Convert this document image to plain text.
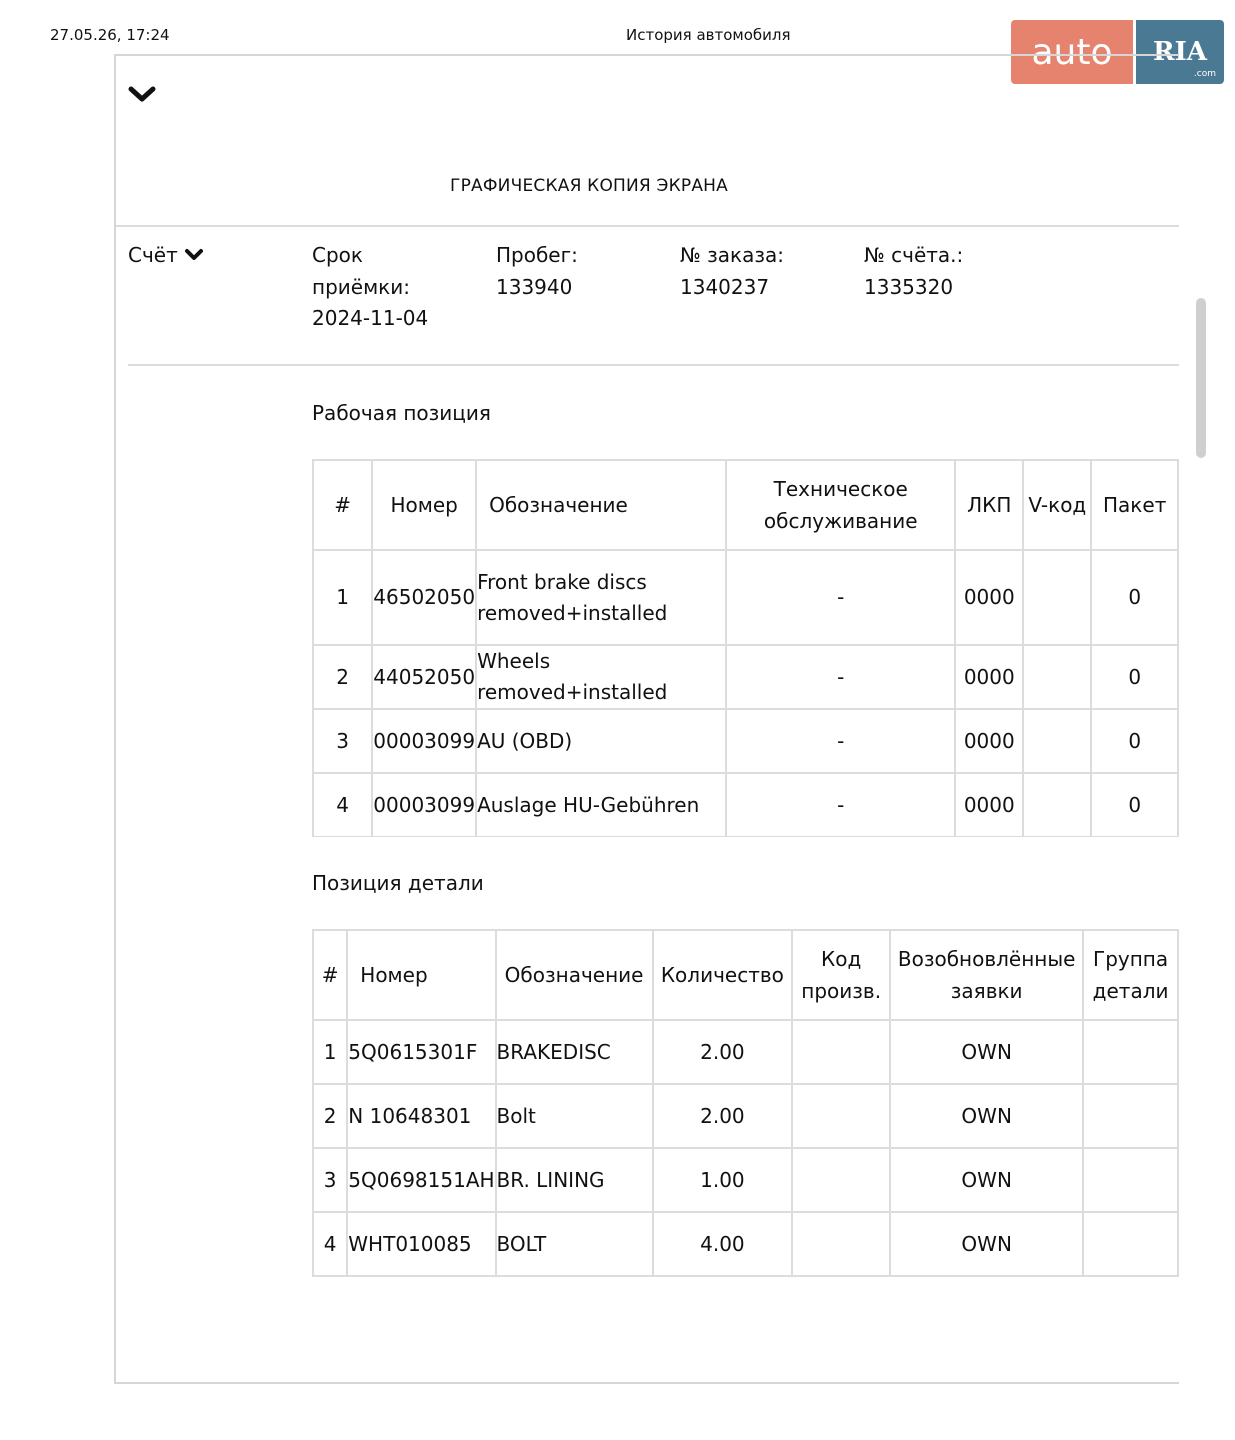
27.05.26, 17:24	История автомобиля	auto	RIA
.com
ГРАФИЧЕСКАЯ КОПИЯ ЭКРАНА
Счёт	Срок приёмки:
2024-11-04
Пробег:
133940
№ заказа:
1340237
№ счёта.:
1335320
Рабочая позиция
#	Номер	Обозначение	Техническое обслуживание	ЛКП	V-код	Пакет
1	46502050	Front brake discs removed+installed	-	0000		0
2	44052050	Wheels removed+installed	-	0000		0
3	00003099	AU (OBD)	-	0000		0
4	00003099	Auslage HU-Gebühren	-	0000		0
Позиция детали
#	Номер	Обозначение	Количество	Код произв.	Возобновлённые заявки	Группа детали
1	5Q0615301F	BRAKEDISC	2.00		OWN	
2	N 10648301	Bolt	2.00		OWN	
3	5Q0698151AH	BR. LINING	1.00		OWN	
4	WHT010085	BOLT	4.00		OWN	
